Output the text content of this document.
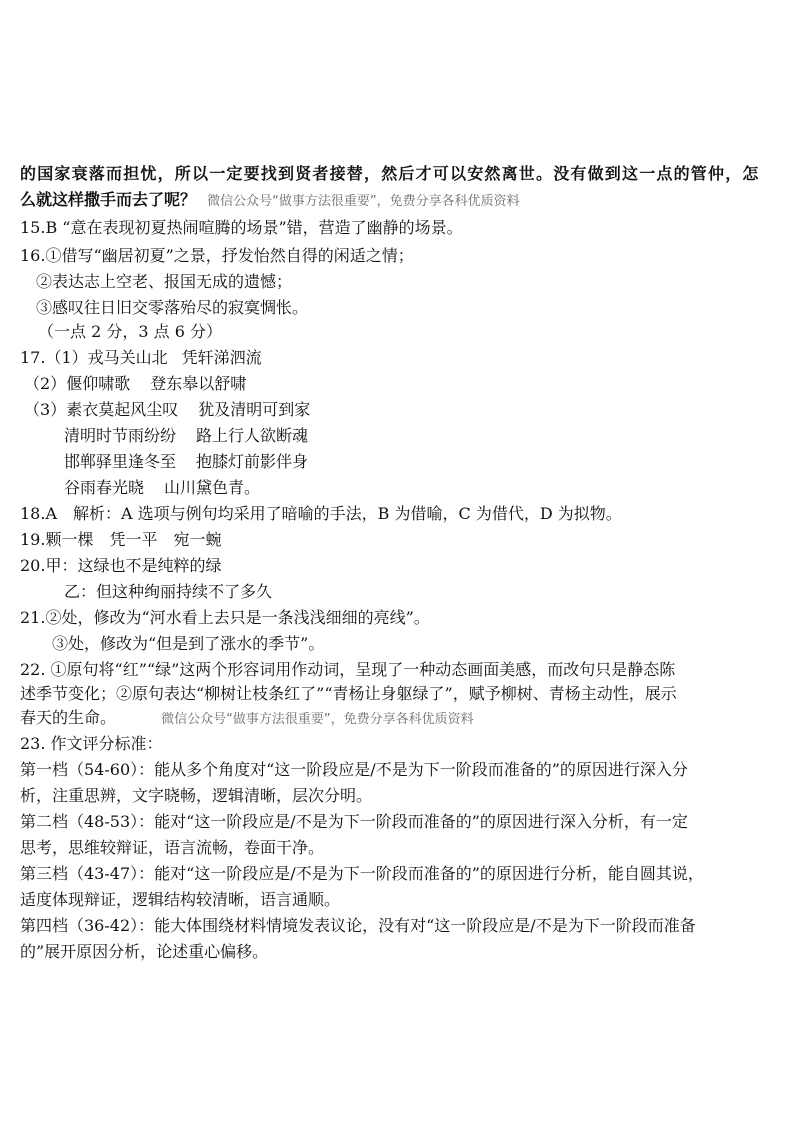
的国家衰落而担忧，所以一定要找到贤者接替，然后才可以安然离世。没有做到这一点的管仲，怎
么就这样撒手而去了呢？ 微信公众号“做事方法很重要”，免费分享各科优质资料
15.B “意在表现初夏热闹喧腾的场景”错，营造了幽静的场景。
16.①借写“幽居初夏”之景，抒发怡然自得的闲适之情；
②表达志上空老、报国无成的遗憾；
③感叹往日旧交零落殆尽的寂寞惆怅。
（一点 2 分，3 点 6 分）
17.（1）戎马关山北 凭轩涕泗流
（2）偃仰啸歌 登东皋以舒啸
（3）素衣莫起风尘叹 犹及清明可到家
清明时节雨纷纷 路上行人欲断魂
邯郸驿里逢冬至 抱膝灯前影伴身
谷雨春光晓 山川黛色青。
18.A　解析：A 选项与例句均采用了暗喻的手法，B 为借喻，C 为借代，D 为拟物。
19.颗一棵　凭一平　宛一蜿
20.甲：这绿也不是纯粹的绿
乙：但这种绚丽持续不了多久
21.②处，修改为“河水看上去只是一条浅浅细细的亮线”。
③处，修改为“但是到了涨水的季节”。
22. ①原句将“红”“绿”这两个形容词用作动词，呈现了一种动态画面美感，而改句只是静态陈
述季节变化；②原句表达“柳树让枝条红了”“青杨让身躯绿了”，赋予柳树、青杨主动性，展示
春天的生命。	微信公众号“做事方法很重要”，免费分享各科优质资料
23. 作文评分标准：
第一档（54-60）：能从多个角度对“这一阶段应是/不是为下一阶段而准备的”的原因进行深入分
析，注重思辨，文字晓畅，逻辑清晰，层次分明。
第二档（48-53）：能对“这一阶段应是/不是为下一阶段而准备的”的原因进行深入分析，有一定
思考，思维较辩证，语言流畅，卷面干净。
第三档（43-47）：能对“这一阶段应是/不是为下一阶段而准备的”的原因进行分析，能自圆其说，
适度体现辩证，逻辑结构较清晰，语言通顺。
第四档（36-42）：能大体围绕材料情境发表议论，没有对“这一阶段应是/不是为下一阶段而准备
的”展开原因分析，论述重心偏移。
